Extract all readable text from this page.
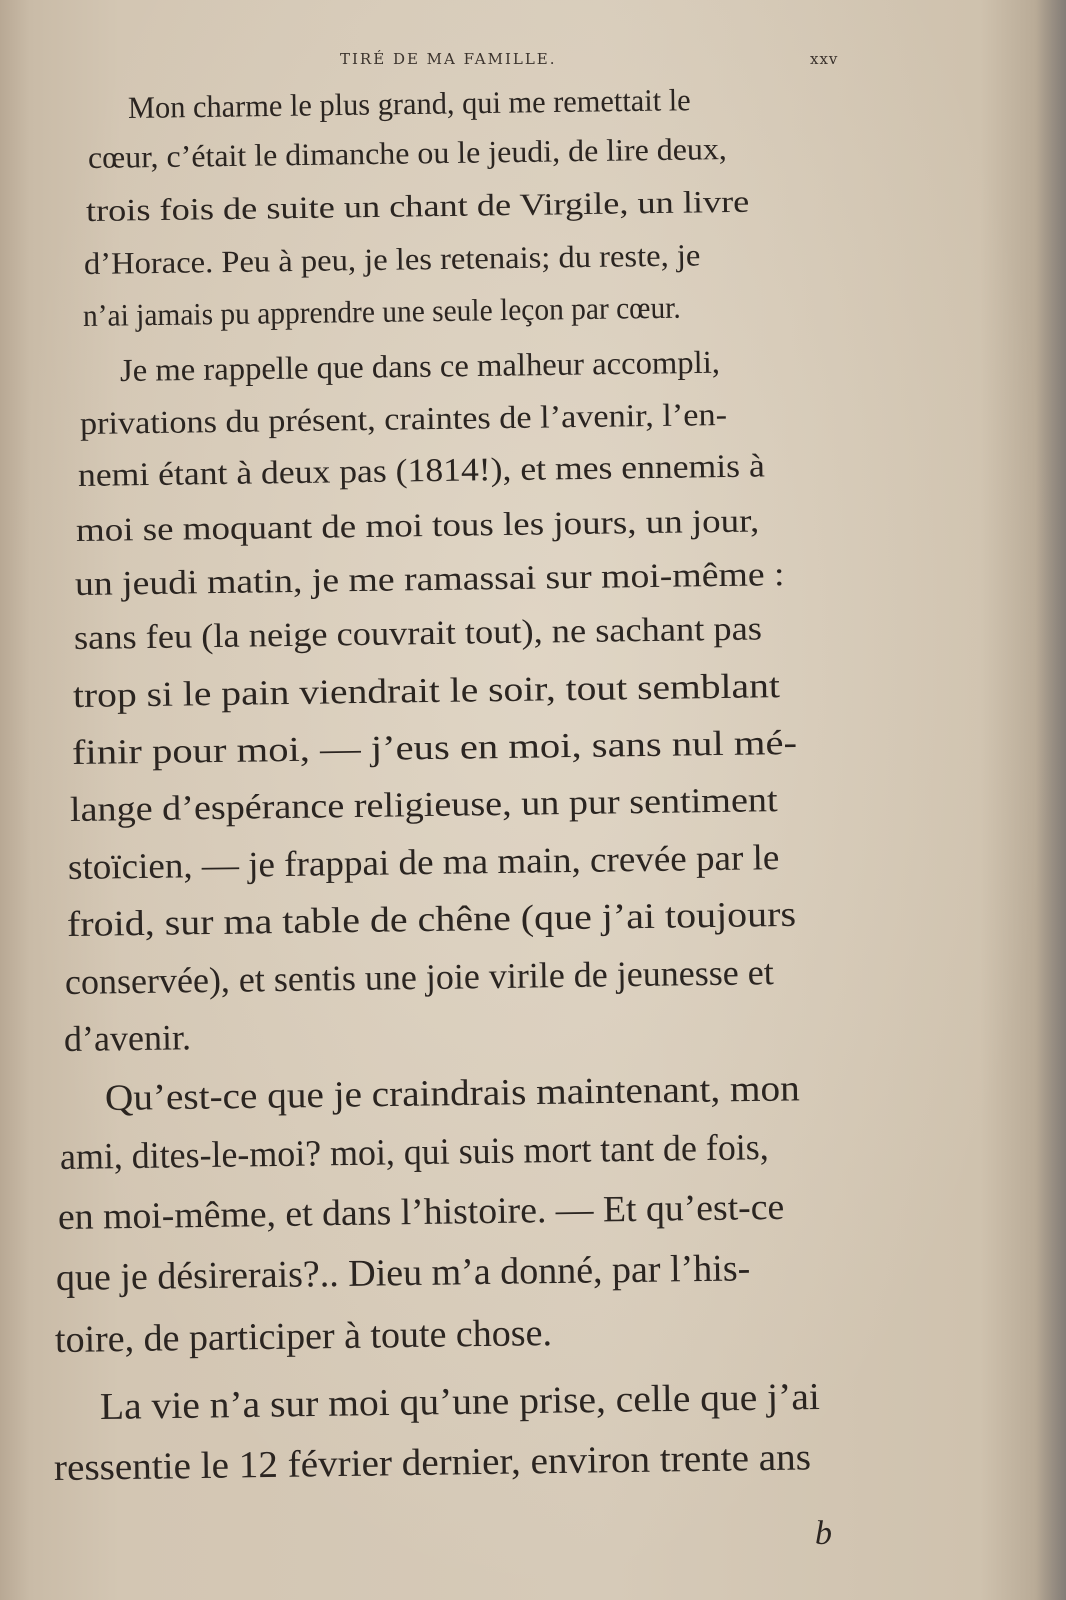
TIRÉ DE MA FAMILLE.	xxv
Mon charme le plus grand, qui me remettait le
cœur, c’était le dimanche ou le jeudi, de lire deux,
trois fois de suite un chant de Virgile, un livre
d’Horace. Peu à peu, je les retenais; du reste, je
n’ai jamais pu apprendre une seule leçon par cœur.
Je me rappelle que dans ce malheur accompli,
privations du présent, craintes de l’avenir, l’en-
nemi étant à deux pas (1814!), et mes ennemis à
moi se moquant de moi tous les jours, un jour,
un jeudi matin, je me ramassai sur moi-même :
sans feu (la neige couvrait tout), ne sachant pas
trop si le pain viendrait le soir, tout semblant
finir pour moi, — j’eus en moi, sans nul mé-
lange d’espérance religieuse, un pur sentiment
stoïcien, — je frappai de ma main, crevée par le
froid, sur ma table de chêne (que j’ai toujours
conservée), et sentis une joie virile de jeunesse et
d’avenir.
Qu’est-ce que je craindrais maintenant, mon
ami, dites-le-moi? moi, qui suis mort tant de fois,
en moi-même, et dans l’histoire. — Et qu’est-ce
que je désirerais?.. Dieu m’a donné, par l’his-
toire, de participer à toute chose.
La vie n’a sur moi qu’une prise, celle que j’ai
ressentie le 12 février dernier, environ trente ans
b
